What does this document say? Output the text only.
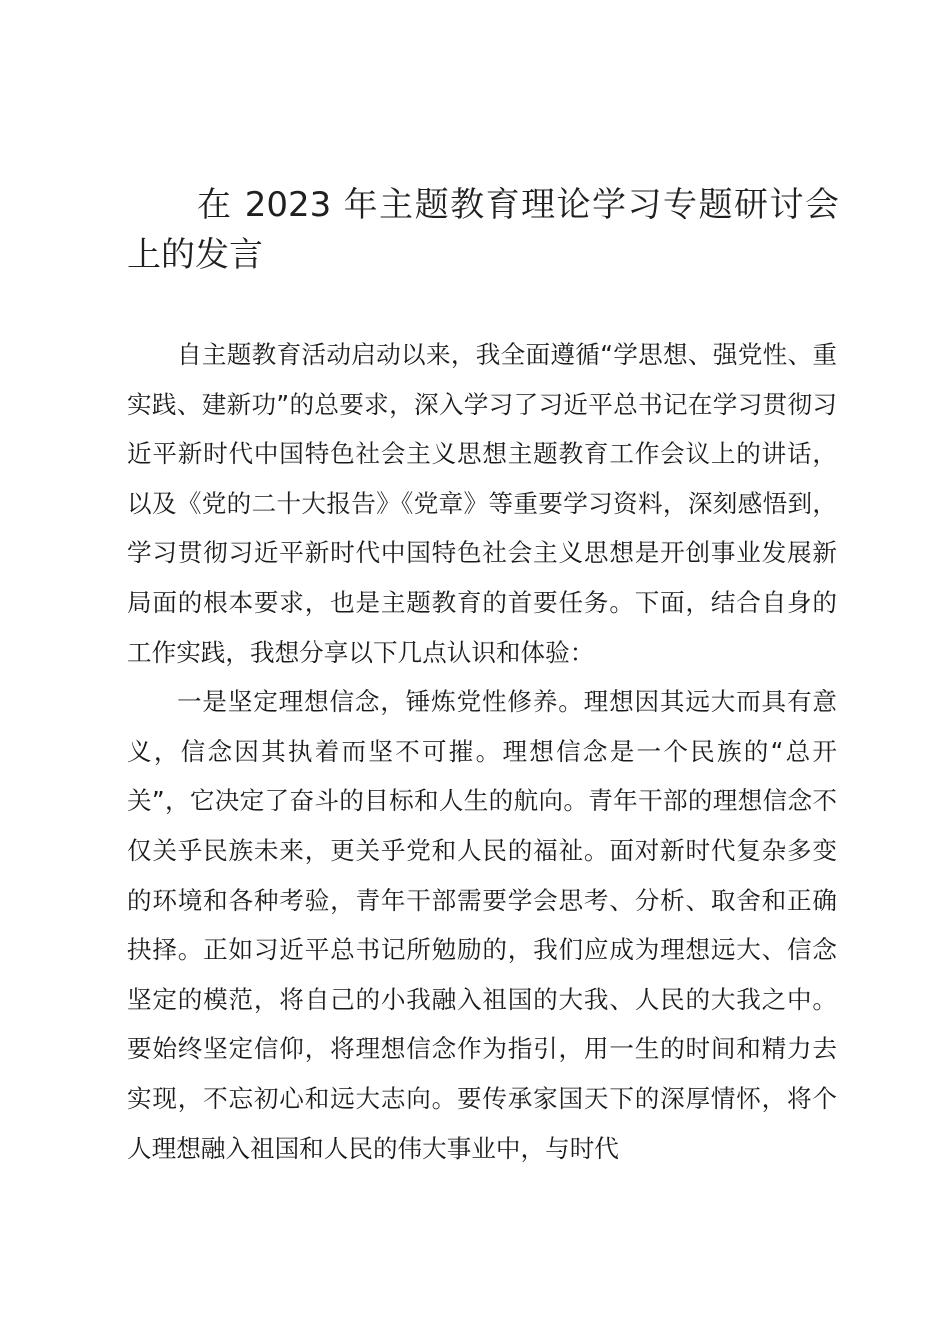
在 2023 年主题教育理论学习专题研讨会上的发言

自主题教育活动启动以来，我全面遵循“学思想、强党性、重实践、建新功”的总要求，深入学习了习近平总书记在学习贯彻习近平新时代中国特色社会主义思想主题教育工作会议上的讲话，以及《党的二十大报告》《党章》等重要学习资料，深刻感悟到，学习贯彻习近平新时代中国特色社会主义思想是开创事业发展新局面的根本要求，也是主题教育的首要任务。下面，结合自身的工作实践，我想分享以下几点认识和体验：

一是坚定理想信念，锤炼党性修养。理想因其远大而具有意义，信念因其执着而坚不可摧。理想信念是一个民族的“总开关”，它决定了奋斗的目标和人生的航向。青年干部的理想信念不仅关乎民族未来，更关乎党和人民的福祉。面对新时代复杂多变的环境和各种考验，青年干部需要学会思考、分析、取舍和正确抉择。正如习近平总书记所勉励的，我们应成为理想远大、信念坚定的模范，将自己的小我融入祖国的大我、人民的大我之中。要始终坚定信仰，将理想信念作为指引，用一生的时间和精力去实现，不忘初心和远大志向。要传承家国天下的深厚情怀，将个人理想融入祖国和人民的伟大事业中，与时代
